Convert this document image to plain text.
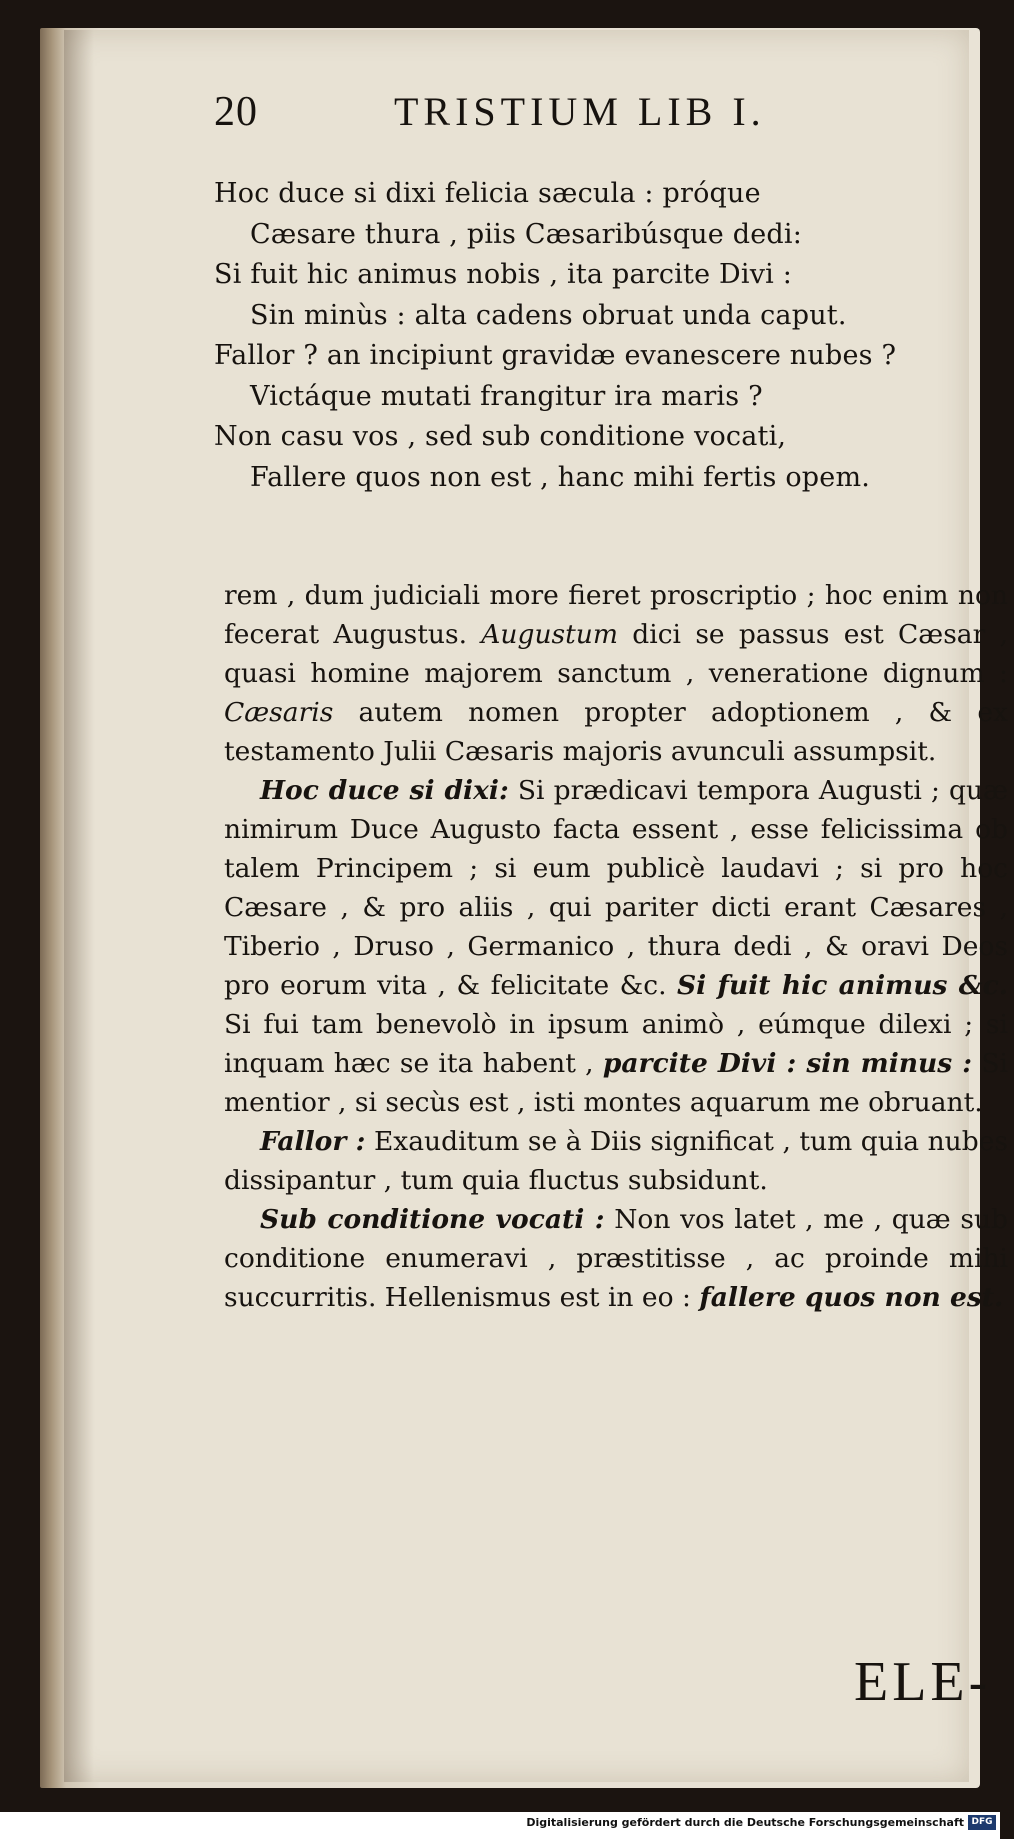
20	TRISTIUM LIB I.
Hoc duce si dixi felicia sæcula : próque
Cæsare thura , piis Cæsaribúsque dedi:
Si fuit hic animus nobis , ita parcite Divi :
Sin minùs : alta cadens obruat unda caput.
Fallor ? an incipiunt gravidæ evanescere nubes ?
Victáque mutati frangitur ira maris ?
Non casu vos , sed sub conditione vocati,
Fallere quos non est , hanc mihi fertis opem.

rem , dum judiciali more fieret proscriptio ; hoc enim non fecerat Augustus. Augustum dici se passus est Cæsar , quasi homine majorem sanctum , veneratione dignum : Cæsaris autem nomen propter adoptionem , & ex testamento Julii Cæsaris majoris avunculi assumpsit.

Hoc duce si dixi: Si prædicavi tempora Augusti ; quæ nimirum Duce Augusto facta essent , esse felicissima ob talem Principem ; si eum publicè laudavi ; si pro hoc Cæsare , & pro aliis , qui pariter dicti erant Cæsares , Tiberio , Druso , Germanico , thura dedi , & oravi Deos pro eorum vita , & felicitate &c. Si fuit hic animus &c. Si fui tam benevolò in ipsum animò , eúmque dilexi ; si inquam hæc se ita habent , parcite Divi : sin minus : Si mentior , si secùs est , isti montes aquarum me obruant.

Fallor : Exauditum se à Diis significat , tum quia nubes dissipantur , tum quia fluctus subsidunt.

Sub conditione vocati : Non vos latet , me , quæ sub conditione enumeravi , præstitisse , ac proinde mihi succurritis. Hellenismus est in eo : fallere quos non est.

ELE-
Digitalisierung gefördert durch die Deutsche Forschungsgemeinschaft DFG
